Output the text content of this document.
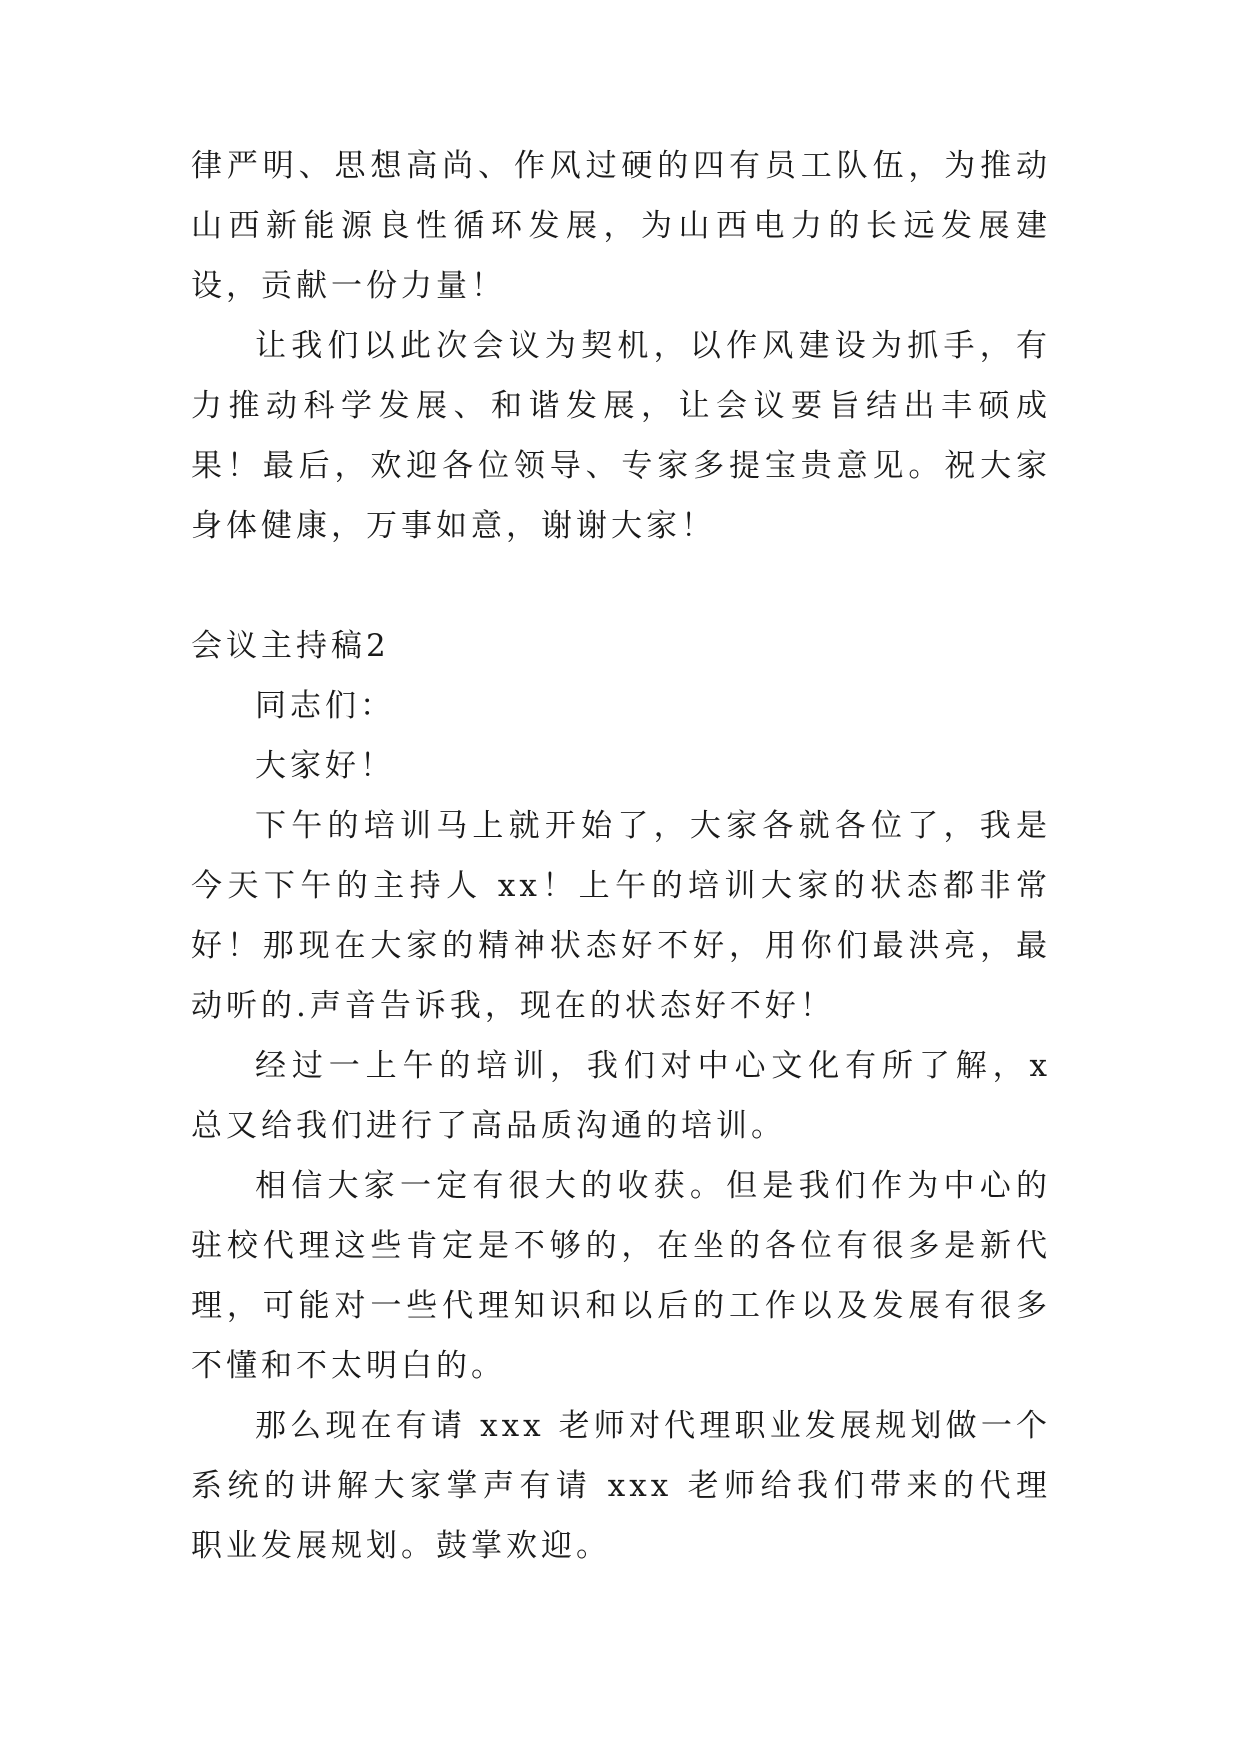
律严明、思想高尚、作风过硬的四有员工队伍，为推动山西新能源良性循环发展，为山西电力的长远发展建设，贡献一份力量！

让我们以此次会议为契机，以作风建设为抓手，有力推动科学发展、和谐发展，让会议要旨结出丰硕成果！最后，欢迎各位领导、专家多提宝贵意见。祝大家身体健康，万事如意，谢谢大家！

会议主持稿2

同志们：

大家好！

下午的培训马上就开始了，大家各就各位了，我是今天下午的主持人 xx！上午的培训大家的状态都非常好！那现在大家的精神状态好不好，用你们最洪亮，最动听的.声音告诉我，现在的状态好不好！

经过一上午的培训，我们对中心文化有所了解，x 总又给我们进行了高品质沟通的培训。

相信大家一定有很大的收获。但是我们作为中心的驻校代理这些肯定是不够的，在坐的各位有很多是新代理，可能对一些代理知识和以后的工作以及发展有很多不懂和不太明白的。

那么现在有请 xxx 老师对代理职业发展规划做一个系统的讲解大家掌声有请 xxx 老师给我们带来的代理职业发展规划。鼓掌欢迎。
